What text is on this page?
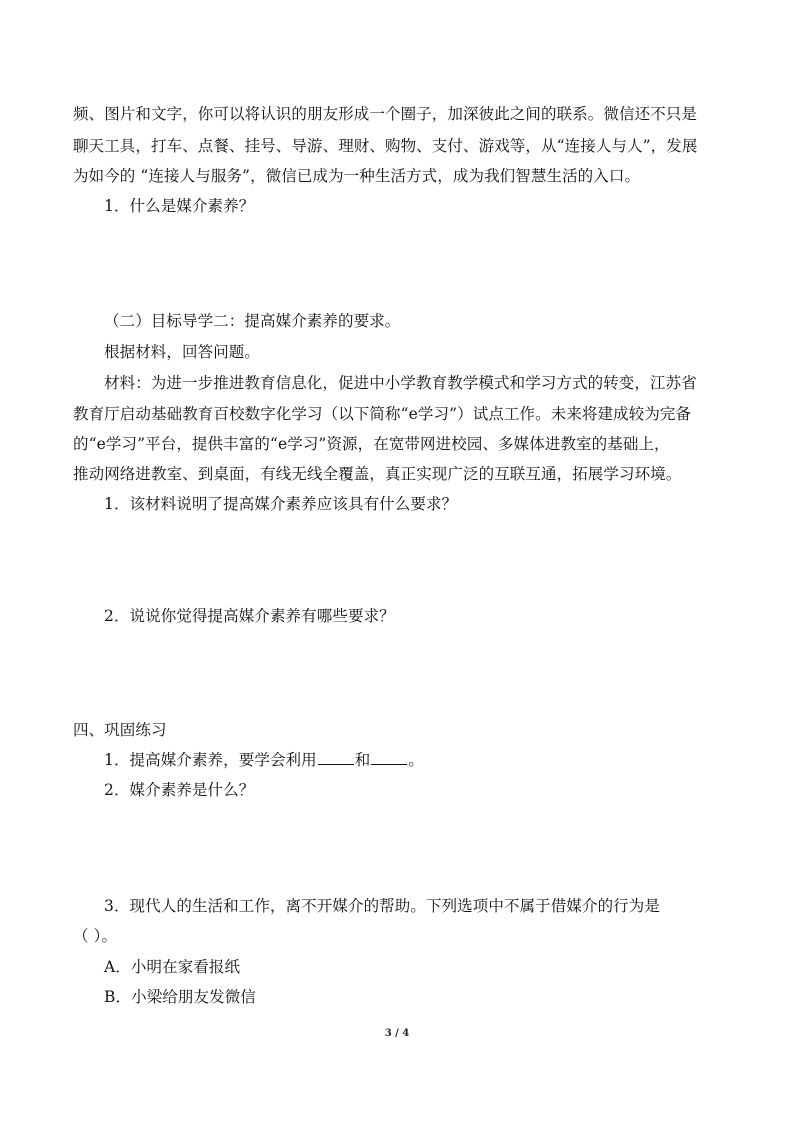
频、图片和文字，你可以将认识的朋友形成一个圈子，加深彼此之间的联系。微信还不只是
聊天工具，打车、点餐、挂号、导游、理财、购物、支付、游戏等，从“连接人与人”，发展
为如今的 “连接人与服务”，微信已成为一种生活方式，成为我们智慧生活的入口。
1．什么是媒介素养？
（二）目标导学二：提高媒介素养的要求。
根据材料，回答问题。
材料：为进一步推进教育信息化，促进中小学教育教学模式和学习方式的转变，江苏省
教育厅启动基础教育百校数字化学习（以下简称“e学习”）试点工作。未来将建成较为完备
的“e学习”平台，提供丰富的“e学习”资源，在宽带网进校园、多媒体进教室的基础上，
推动网络进教室、到桌面，有线无线全覆盖，真正实现广泛的互联互通，拓展学习环境。
1．该材料说明了提高媒介素养应该具有什么要求？
2．说说你觉得提高媒介素养有哪些要求？
四、巩固练习
1．提高媒介素养，要学会利用 和 。
2．媒介素养是什么？
3．现代人的生活和工作，离不开媒介的帮助。下列选项中不属于借媒介的行为是
（ ）。
A．小明在家看报纸
B．小梁给朋友发微信
3 / 4
